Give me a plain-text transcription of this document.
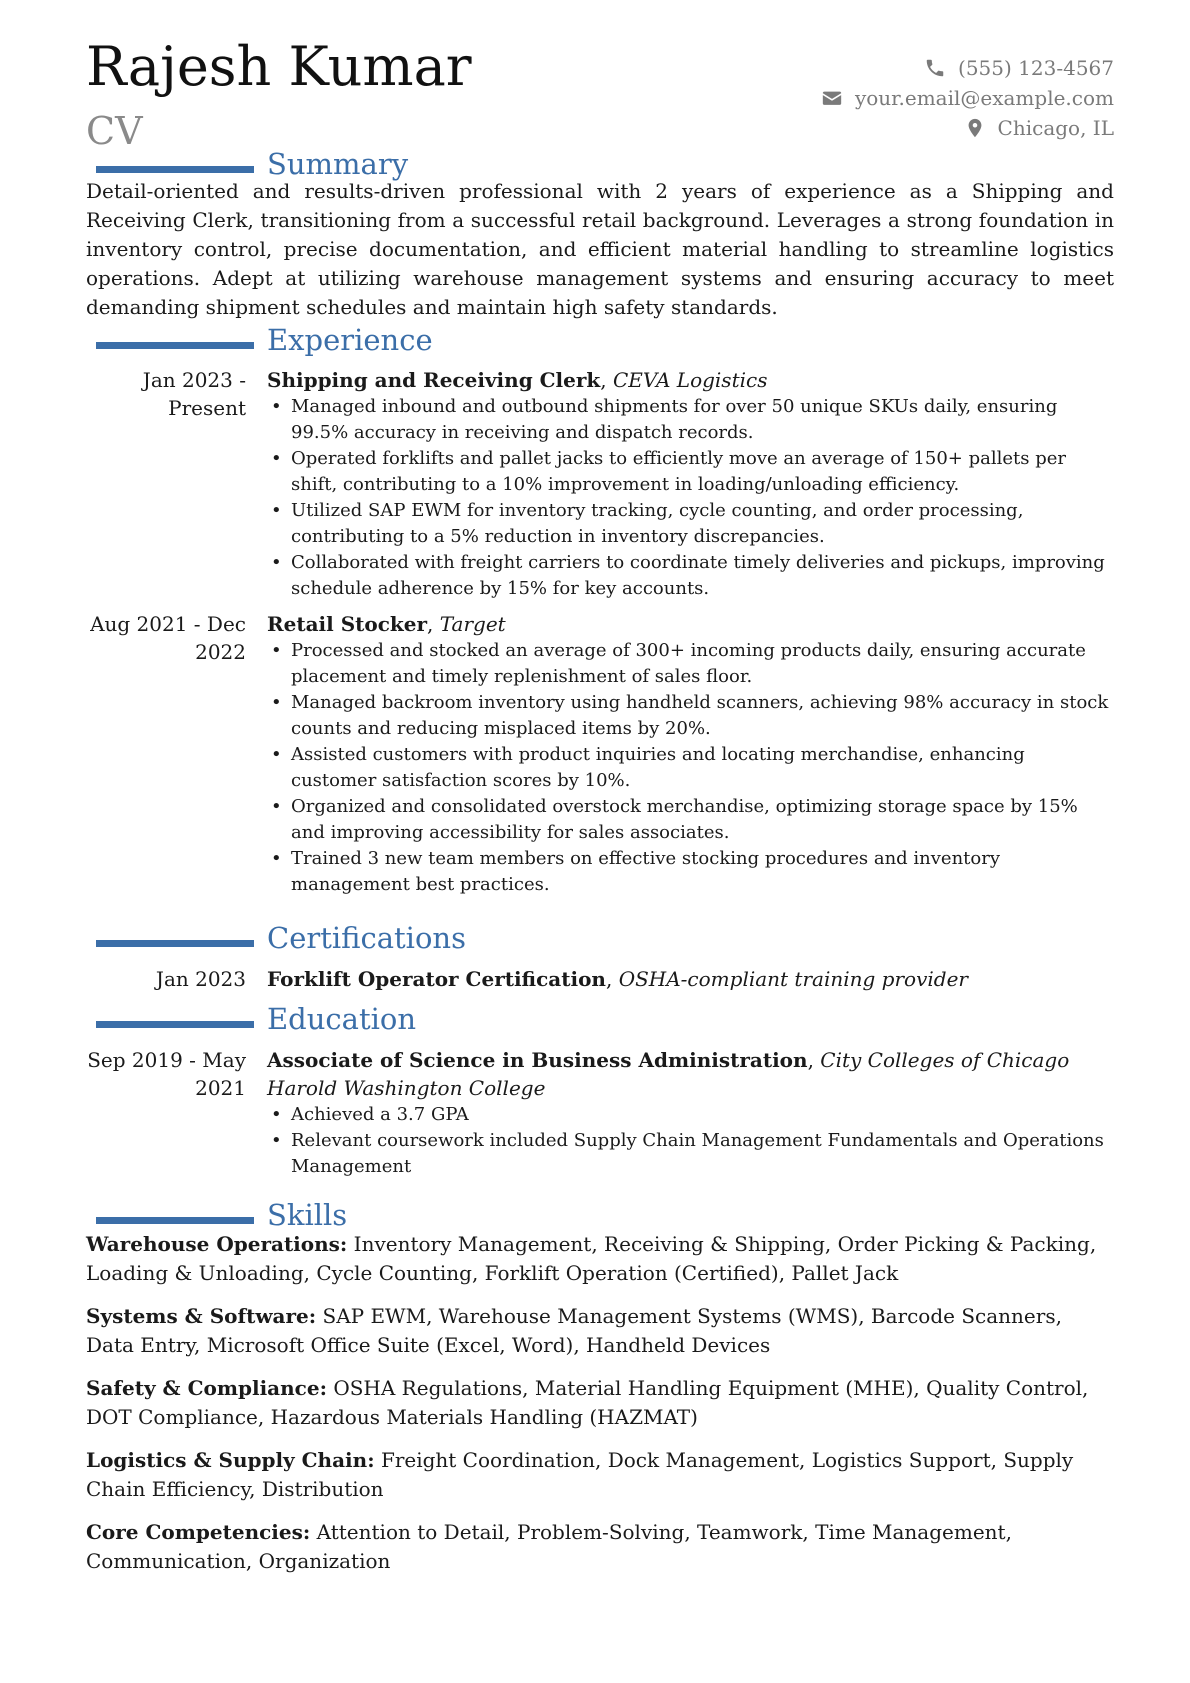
Rajesh Kumar
CV
(555) 123-4567
your.email@example.com
Chicago, IL
Summary

Detail-oriented and results-driven professional with 2 years of experience as a Shipping and Receiving Clerk, transitioning from a successful retail background. Leverages a strong foundation in inventory control, precise documentation, and efficient material handling to streamline logistics operations. Adept at utilizing warehouse management systems and ensuring accuracy to meet demanding shipment schedules and maintain high safety standards.

Experience
Jan 2023 - Present
Shipping and Receiving Clerk, CEVA Logistics
• Managed inbound and outbound shipments for over 50 unique SKUs daily, ensuring 99.5% accuracy in receiving and dispatch records.
• Operated forklifts and pallet jacks to efficiently move an average of 150+ pallets per shift, contributing to a 10% improvement in loading/unloading efficiency.
• Utilized SAP EWM for inventory tracking, cycle counting, and order processing, contributing to a 5% reduction in inventory discrepancies.
• Collaborated with freight carriers to coordinate timely deliveries and pickups, improving schedule adherence by 15% for key accounts.
Aug 2021 - Dec 2022
Retail Stocker, Target
• Processed and stocked an average of 300+ incoming products daily, ensuring accurate placement and timely replenishment of sales floor.
• Managed backroom inventory using handheld scanners, achieving 98% accuracy in stock counts and reducing misplaced items by 20%.
• Assisted customers with product inquiries and locating merchandise, enhancing customer satisfaction scores by 10%.
• Organized and consolidated overstock merchandise, optimizing storage space by 15% and improving accessibility for sales associates.
• Trained 3 new team members on effective stocking procedures and inventory management best practices.
Certifications
Jan 2023 Forklift Operator Certification, OSHA-compliant training provider
Education
Sep 2019 - May 2021
Associate of Science in Business Administration, City Colleges of Chicago
Harold Washington College
• Achieved a 3.7 GPA
• Relevant coursework included Supply Chain Management Fundamentals and Operations Management
Skills

Warehouse Operations: Inventory Management, Receiving & Shipping, Order Picking & Packing, Loading & Unloading, Cycle Counting, Forklift Operation (Certified), Pallet Jack

Systems & Software: SAP EWM, Warehouse Management Systems (WMS), Barcode Scanners, Data Entry, Microsoft Office Suite (Excel, Word), Handheld Devices

Safety & Compliance: OSHA Regulations, Material Handling Equipment (MHE), Quality Control, DOT Compliance, Hazardous Materials Handling (HAZMAT)

Logistics & Supply Chain: Freight Coordination, Dock Management, Logistics Support, Supply Chain Efficiency, Distribution

Core Competencies: Attention to Detail, Problem-Solving, Teamwork, Time Management, Communication, Organization
